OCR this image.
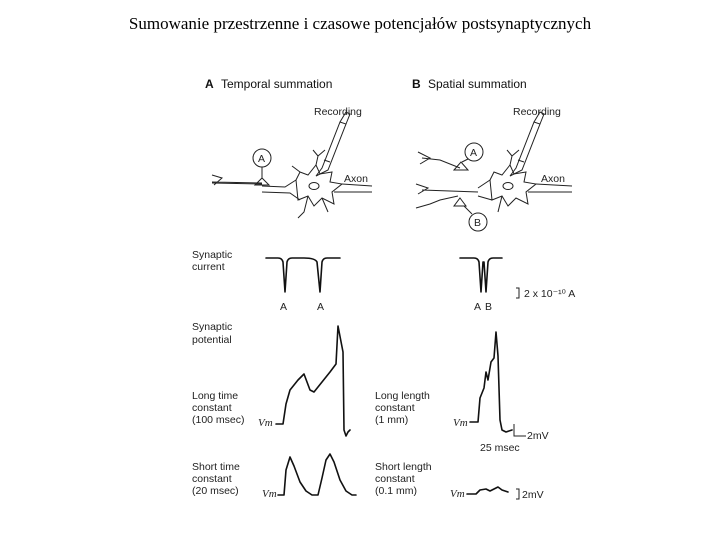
Sumowanie przestrzenne i czasowe potencjałów postsynaptycznych
A Temporal summation	B Spatial summation
A
Axon
Recording
A
B
Axon
Recording
Synaptic
current
Synaptic
potential
Long time
constant
(100 msec)
Short time
constant
(20 msec)
Long length
constant
(1 mm)
Short length
constant
(0.1 mm)
A	A	A B
2 x 10⁻¹⁰ A
Vm
Vm
Vm
2mV
25 msec
Vm	2mV
